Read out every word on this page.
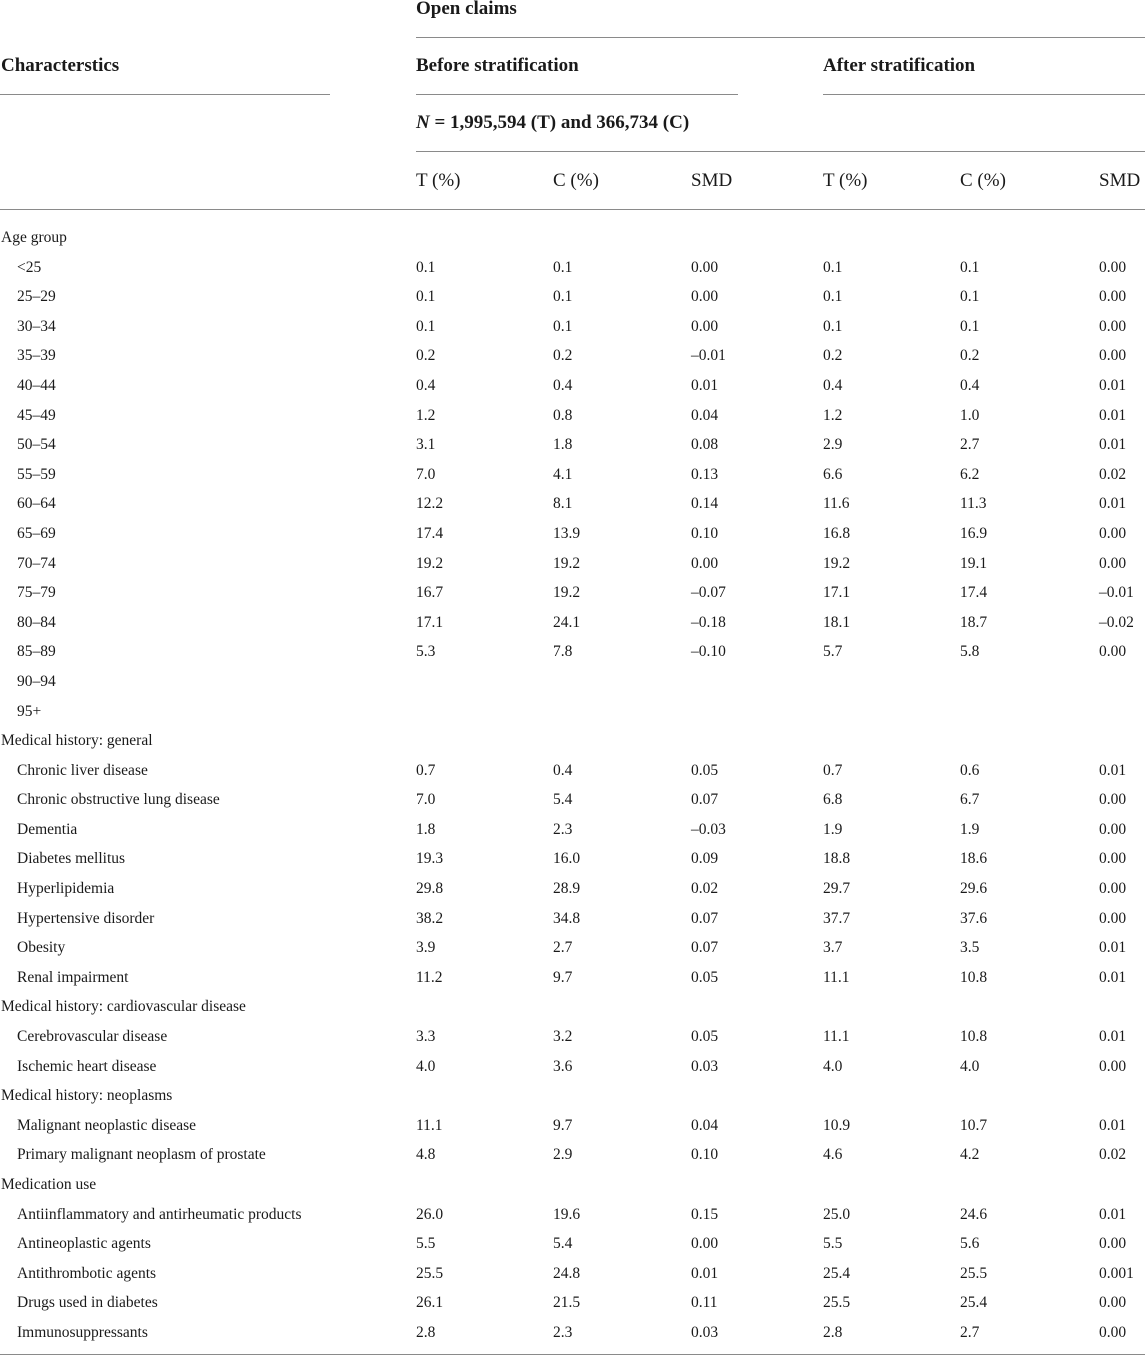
Open claims
Characterstics	Before stratification	After stratification
N = 1,995,594 (T) and 366,734 (C)
T (%)	C (%)	SMD	T (%)	C (%)	SMD
Age group
<25	0.1	0.1	0.00	0.1	0.1	0.00
25–29	0.1	0.1	0.00	0.1	0.1	0.00
30–34	0.1	0.1	0.00	0.1	0.1	0.00
35–39	0.2	0.2	–0.01	0.2	0.2	0.00
40–44	0.4	0.4	0.01	0.4	0.4	0.01
45–49	1.2	0.8	0.04	1.2	1.0	0.01
50–54	3.1	1.8	0.08	2.9	2.7	0.01
55–59	7.0	4.1	0.13	6.6	6.2	0.02
60–64	12.2	8.1	0.14	11.6	11.3	0.01
65–69	17.4	13.9	0.10	16.8	16.9	0.00
70–74	19.2	19.2	0.00	19.2	19.1	0.00
75–79	16.7	19.2	–0.07	17.1	17.4	–0.01
80–84	17.1	24.1	–0.18	18.1	18.7	–0.02
85–89	5.3	7.8	–0.10	5.7	5.8	0.00
90–94
95+
Medical history: general
Chronic liver disease	0.7	0.4	0.05	0.7	0.6	0.01
Chronic obstructive lung disease	7.0	5.4	0.07	6.8	6.7	0.00
Dementia	1.8	2.3	–0.03	1.9	1.9	0.00
Diabetes mellitus	19.3	16.0	0.09	18.8	18.6	0.00
Hyperlipidemia	29.8	28.9	0.02	29.7	29.6	0.00
Hypertensive disorder	38.2	34.8	0.07	37.7	37.6	0.00
Obesity	3.9	2.7	0.07	3.7	3.5	0.01
Renal impairment	11.2	9.7	0.05	11.1	10.8	0.01
Medical history: cardiovascular disease
Cerebrovascular disease	3.3	3.2	0.05	11.1	10.8	0.01
Ischemic heart disease	4.0	3.6	0.03	4.0	4.0	0.00
Medical history: neoplasms
Malignant neoplastic disease	11.1	9.7	0.04	10.9	10.7	0.01
Primary malignant neoplasm of prostate	4.8	2.9	0.10	4.6	4.2	0.02
Medication use
Antiinflammatory and antirheumatic products	26.0	19.6	0.15	25.0	24.6	0.01
Antineoplastic agents	5.5	5.4	0.00	5.5	5.6	0.00
Antithrombotic agents	25.5	24.8	0.01	25.4	25.5	0.001
Drugs used in diabetes	26.1	21.5	0.11	25.5	25.4	0.00
Immunosuppressants	2.8	2.3	0.03	2.8	2.7	0.00
